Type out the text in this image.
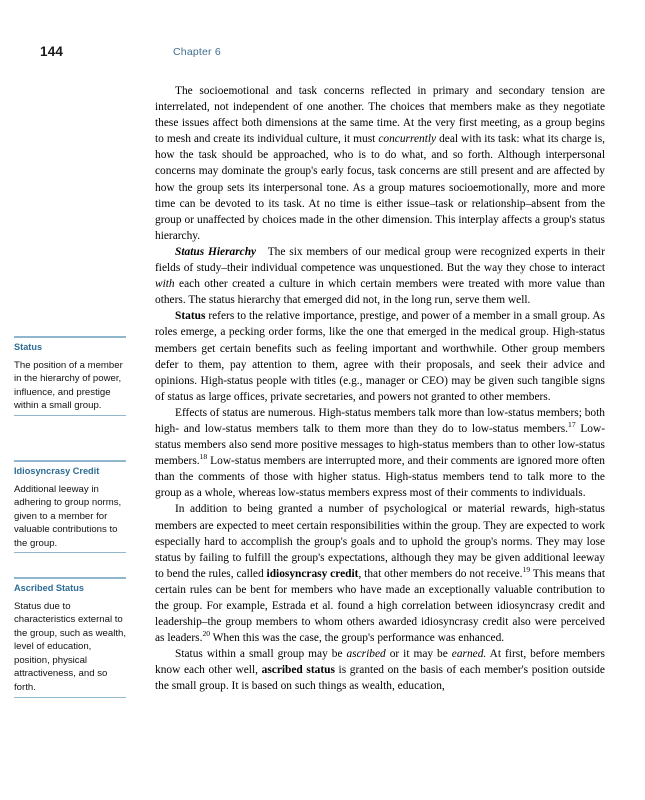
144	Chapter 6
Status
The position of a member in the hierarchy of power, influence, and prestige within a small group.
Idiosyncrasy Credit
Additional leeway in adhering to group norms, given to a member for valuable contributions to the group.
Ascribed Status
Status due to characteristics external to the group, such as wealth, level of education, position, physical attractiveness, and so forth.

The socioemotional and task concerns reflected in primary and secondary tension are interrelated, not independent of one another. The choices that members make as they negotiate these issues affect both dimensions at the same time. At the very first meeting, as a group begins to mesh and create its individual culture, it must concurrently deal with its task: what its charge is, how the task should be approached, who is to do what, and so forth. Although interpersonal concerns may dominate the group's early focus, task concerns are still present and are affected by how the group sets its interpersonal tone. As a group matures socioemotionally, more and more time can be devoted to its task. At no time is either issue–task or relationship–absent from the group or unaffected by choices made in the other dimension. This interplay affects a group's status hierarchy.

Status Hierarchy   The six members of our medical group were recognized experts in their fields of study–their individual competence was unquestioned. But the way they chose to interact with each other created a culture in which certain members were treated with more value than others. The status hierarchy that emerged did not, in the long run, serve them well.

Status refers to the relative importance, prestige, and power of a member in a small group. As roles emerge, a pecking order forms, like the one that emerged in the medical group. High-status members get certain benefits such as feeling important and worthwhile. Other group members defer to them, pay attention to them, agree with their proposals, and seek their advice and opinions. High-status people with titles (e.g., manager or CEO) may be given such tangible signs of status as large offices, private secretaries, and powers not granted to other members.

Effects of status are numerous. High-status members talk more than low-status members; both high- and low-status members talk to them more than they do to low-status members.$^{17}$ Low-status members also send more positive messages to high-status members than to other low-status members.$^{18}$ Low-status members are interrupted more, and their comments are ignored more often than the comments of those with higher status. High-status members tend to talk more to the group as a whole, whereas low-status members express most of their comments to individuals.

In addition to being granted a number of psychological or material rewards, high-status members are expected to meet certain responsibilities within the group. They are expected to work especially hard to accomplish the group's goals and to uphold the group's norms. They may lose status by failing to fulfill the group's expectations, although they may be given additional leeway to bend the rules, called idiosyncrasy credit, that other members do not receive.$^{19}$ This means that certain rules can be bent for members who have made an exceptionally valuable contribution to the group. For example, Estrada et al. found a high correlation between idiosyncrasy credit and leadership–the group members to whom others awarded idiosyncrasy credit also were perceived as leaders.$^{20}$ When this was the case, the group's performance was enhanced.

Status within a small group may be ascribed or it may be earned. At first, before members know each other well, ascribed status is granted on the basis of each member's position outside the small group. It is based on such things as wealth, education,
